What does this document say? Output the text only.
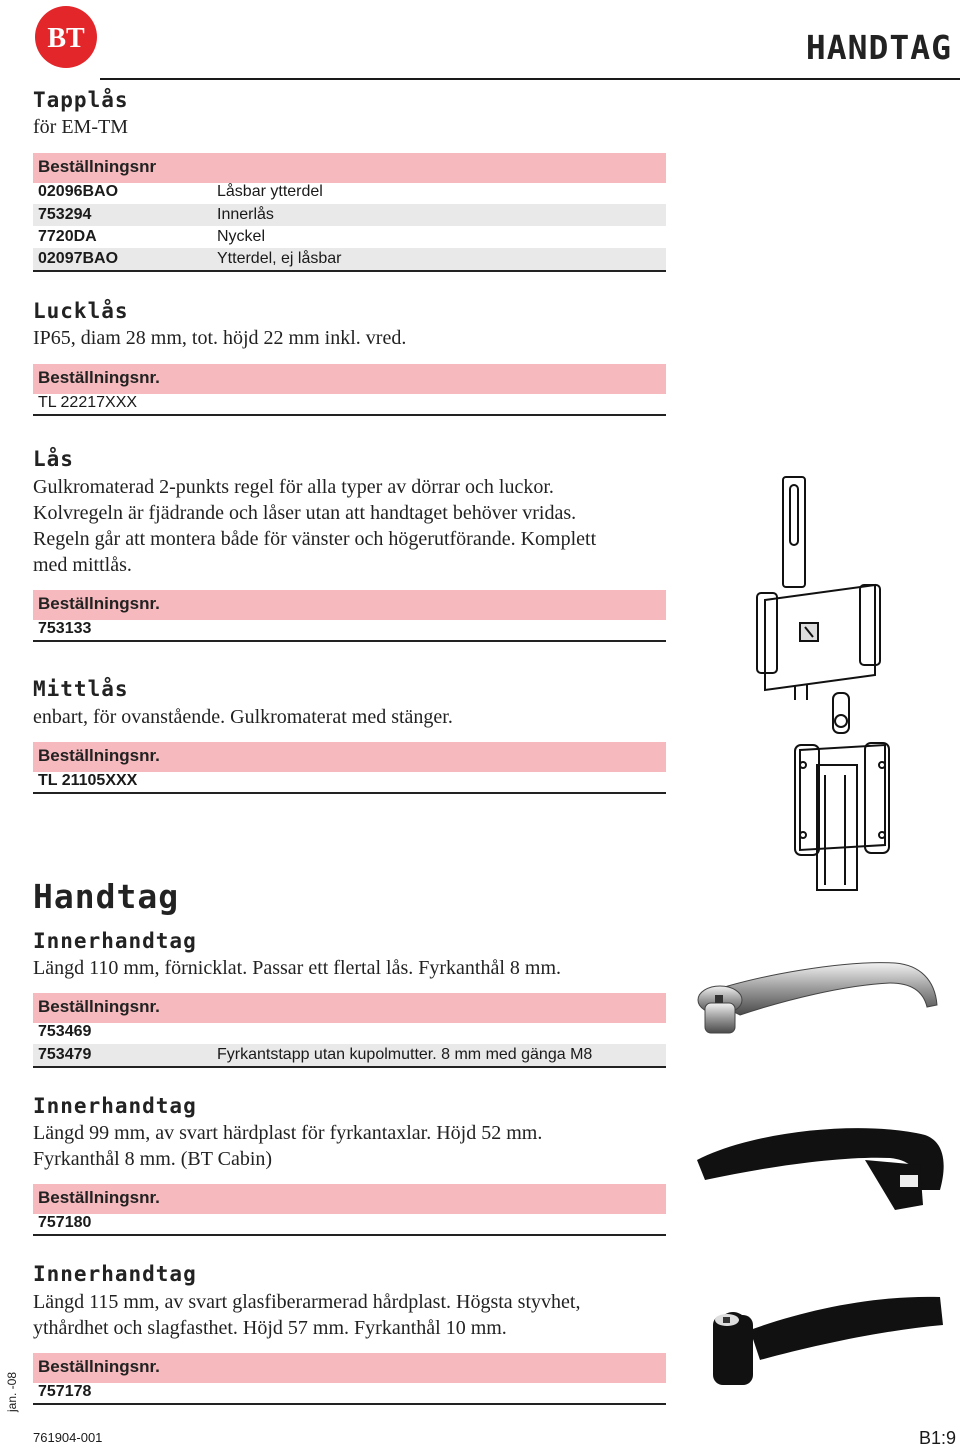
BT	HANDTAG
Tapplås
för EM-TM
Beställningsnr
02096BAO	Låsbar ytterdel
753294	Innerlås
7720DA	Nyckel
02097BAO	Ytterdel, ej låsbar
Lucklås
IP65, diam 28 mm, tot. höjd 22 mm inkl. vred.
Beställningsnr.
TL 22217XXX
Lås
Gulkromaterad 2-punkts regel för alla typer av dörrar och luckor.
Kolvregeln är fjädrande och låser utan att handtaget behöver vridas.
Regeln går att montera både för vänster och högerutförande. Komplett
med mittlås.
Beställningsnr.
753133
Mittlås
enbart, för ovanstående. Gulkromaterat med stänger.
Beställningsnr.
TL 21105XXX
Handtag
Innerhandtag
Längd 110 mm, förnicklat. Passar ett flertal lås. Fyrkanthål 8 mm.
Beställningsnr.
753469
753479	Fyrkantstapp utan kupolmutter. 8 mm med gänga M8
Innerhandtag
Längd 99 mm, av svart härdplast för fyrkantaxlar. Höjd 52 mm.
Fyrkanthål 8 mm. (BT Cabin)
Beställningsnr.
757180
Innerhandtag
Längd 115 mm, av svart glasfiberarmerad hårdplast. Högsta styvhet,
ythårdhet och slagfasthet. Höjd 57 mm. Fyrkanthål 10 mm.
Beställningsnr.
757178
jan. -08
761904-001	B1:9
